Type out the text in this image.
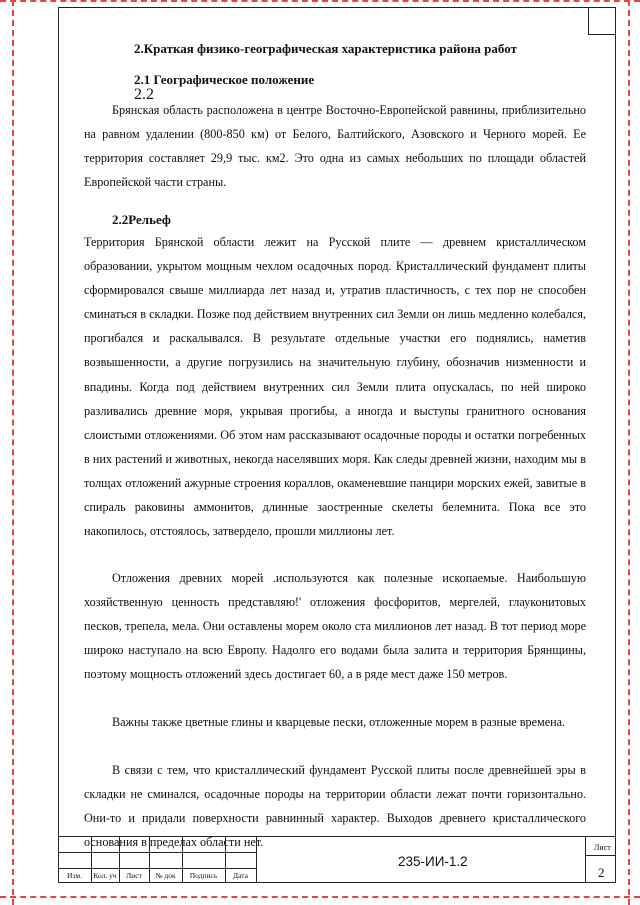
2.Краткая физико-географическая характеристика района работ
2.1 Географическое положение
2.2

Брянская область расположена в центре Восточно-Европейской равнины, приблизительно на равном удалении (800-850 км) от Белого, Балтийского, Азовского и Черного морей. Ее территория составляет 29,9 тыс. км2. Это одна из самых небольших по площади областей Европейской части страны.

2.2Рельеф

Территория Брянской области лежит на Русской плите — древнем кристаллическом образовании, укрытом мощным чехлом осадочных пород. Кристаллический фундамент плиты сформировался свыше миллиарда лет назад и, утратив пластичность, с тех пор не способен сминаться в складки. Позже под действием внутренних сил Земли он лишь медленно колебался, прогибался и раскалывался. В результате отдельные участки его поднялись, наметив возвышенности, а другие погрузились на значительную глубину, обозначив низменности и впадины. Когда под действием внутренних сил Земли плита опускалась, по ней широко разливались древние моря, укрывая прогибы, а иногда и выступы гранитного основания слоистыми отложениями. Об этом нам рассказывают осадочные породы и остатки погребенных в них растений и животных, некогда населявших моря. Как следы древней жизни, находим мы в толщах отложений ажурные строения кораллов, окаменевшие панцири морских ежей, завитые в спираль раковины аммонитов, длинные заостренные скелеты белемнита. Пока все это накопилось, отстоялось, затвердело, прошли миллионы лет.

Отложения древних морей .используются как полезные ископаемые. Наибольшую хозяйственную ценность представляю!' отложения фосфоритов, мергелей, глауконитовых песков, трепела, мела. Они оставлены морем около ста миллионов лет назад. В тот период море широко наступало на всю Европу. Надолго его водами была залита и территория Брянщины, поэтому мощность отложений здесь достигает 60, а в ряде мест даже 150 метров.

Важны также цветные глины и кварцевые пески, отложенные морем в разные времена.

В связи с тем, что кристаллический фундамент Русской плиты после древнейшей эры в складки не сминался, осадочные породы на территории области лежат почти горизонтально. Они-то и придали поверхности равнинный характер. Выходов древнего кристаллического основания в пределах области нет.

Изм.	Кол. уч	Лист	№ док	Подпись	Дата
235-ИИ-1.2
Лист
2
